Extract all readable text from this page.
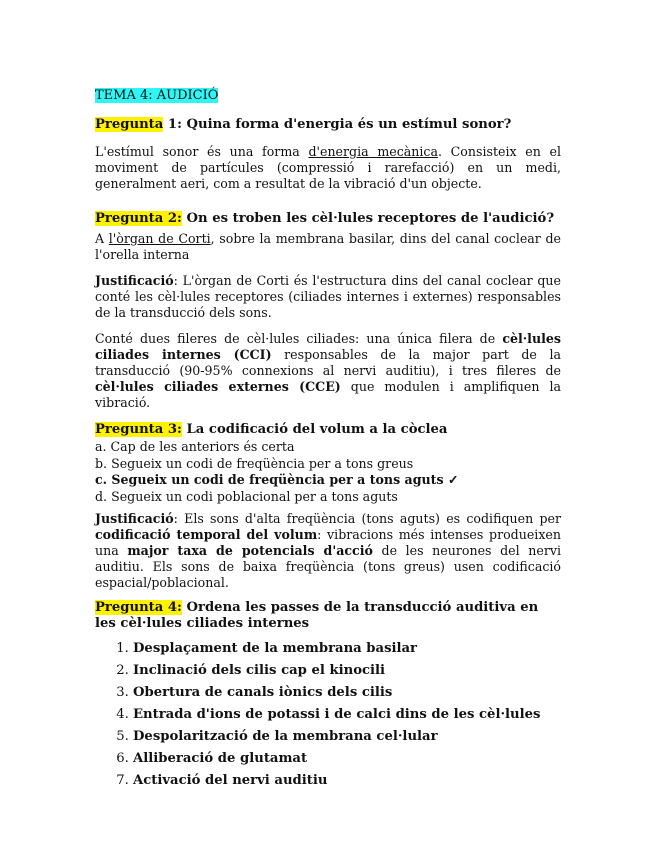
TEMA 4: AUDICIÓ

Pregunta 1: Quina forma d'energia és un estímul sonor?

L'estímul sonor és una forma d'energia mecànica. Consisteix en el moviment de partícules (compressió i rarefacció) en un medi, generalment aeri, com a resultat de la vibració d'un objecte.

Pregunta 2: On es troben les cèl·lules receptores de l'audició?

A l'òrgan de Corti, sobre la membrana basilar, dins del canal coclear de l'orella interna

Justificació: L'òrgan de Corti és l'estructura dins del canal coclear que conté les cèl·lules receptores (ciliades internes i externes) responsables de la transducció dels sons.

Conté dues fileres de cèl·lules ciliades: una única filera de cèl·lules ciliades internes (CCI) responsables de la major part de la transducció (90-95% connexions al nervi auditiu), i tres fileres de cèl·lules ciliades externes (CCE) que modulen i amplifiquen la vibració.

Pregunta 3: La codificació del volum a la còclea

a. Cap de les anteriors és certa

b. Segueix un codi de freqüència per a tons greus

c. Segueix un codi de freqüència per a tons aguts ✓

d. Segueix un codi poblacional per a tons aguts

Justificació: Els sons d'alta freqüència (tons aguts) es codifiquen per codificació temporal del volum: vibracions més intenses produeixen una major taxa de potencials d'acció de les neurones del nervi auditiu. Els sons de baixa freqüència (tons greus) usen codificació espacial/poblacional.

Pregunta 4: Ordena les passes de la transducció auditiva en les cèl·lules ciliades internes

1. Desplaçament de la membrana basilar
2. Inclinació dels cilis cap el kinocili
3. Obertura de canals iònics dels cilis
4. Entrada d'ions de potassi i de calci dins de les cèl·lules
5. Despolarització de la membrana cel·lular
6. Alliberació de glutamat
7. Activació del nervi auditiu
